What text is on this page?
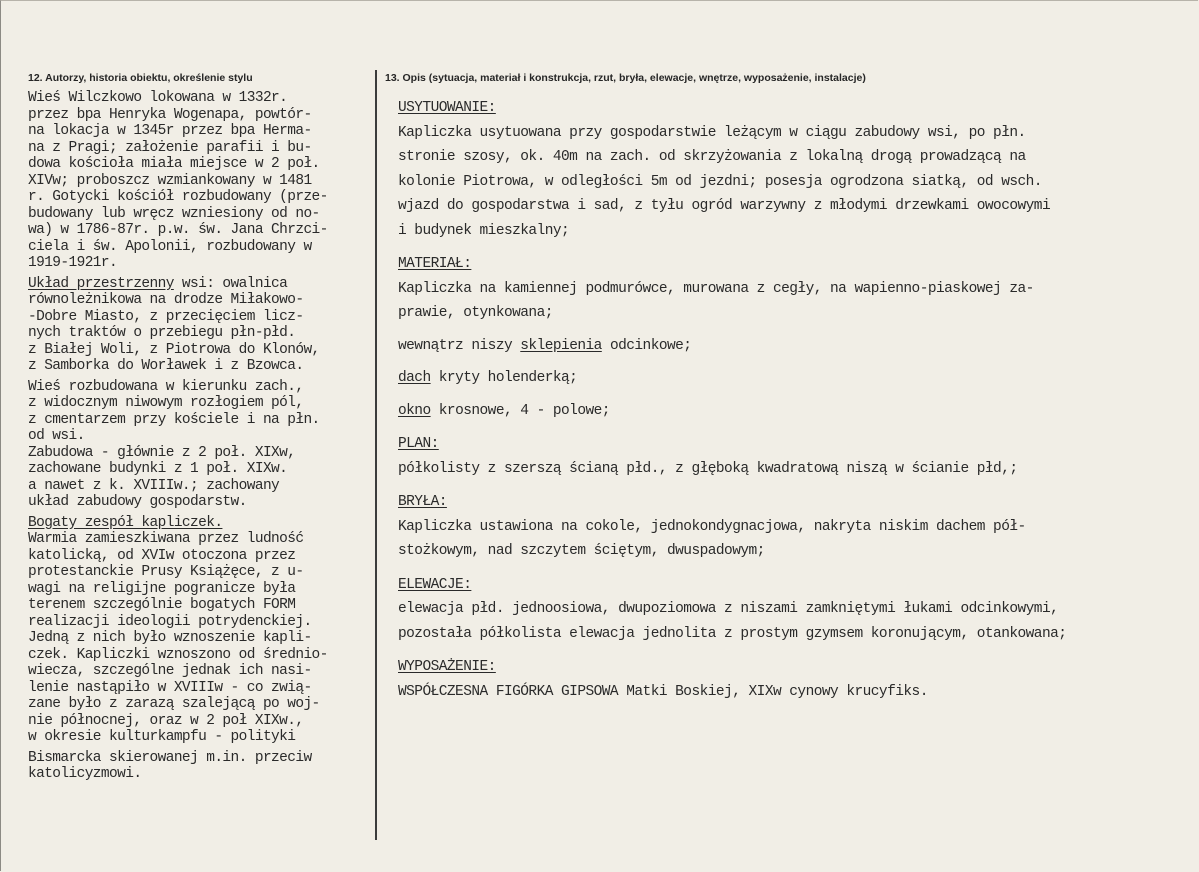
12. Autorzy, historia obiektu, określenie stylu	13. Opis (sytuacja, materiał i konstrukcja, rzut, bryła, elewacje, wnętrze, wyposażenie, instalacje)
Wieś Wilczkowo lokowana w 1332r.
przez bpa Henryka Wogenapa, powtór-
na lokacja w 1345r przez bpa Herma-
na z Pragi; założenie parafii i bu-
dowa kościoła miała miejsce w 2 poł.
XIVw; proboszcz wzmiankowany w 1481
r. Gotycki kościół rozbudowany (prze-
budowany lub wręcz wzniesiony od no-
wa) w 1786-87r. p.w. św. Jana Chrzci-
ciela i św. Apolonii, rozbudowany w
1919-1921r.
Układ przestrzenny wsi: owalnica
równoleżnikowa na drodze Miłakowo-
-Dobre Miasto, z przecięciem licz-
nych traktów o przebiegu płn-płd.
z Białej Woli, z Piotrowa do Klonów,
z Samborka do Worławek i z Bzowca.
Wieś rozbudowana w kierunku zach.,
z widocznym niwowym rozłogiem pól,
z cmentarzem przy kościele i na płn.
od wsi.
Zabudowa - głównie z 2 poł. XIXw,
zachowane budynki z 1 poł. XIXw.
a nawet z k. XVIIIw.; zachowany
układ zabudowy gospodarstw.
Bogaty zespół kapliczek.
Warmia zamieszkiwana przez ludność
katolicką, od XVIw otoczona przez
protestanckie Prusy Książęce, z u-
wagi na religijne pogranicze była
terenem szczególnie bogatych FORM
realizacji ideologii potrydenckiej.
Jedną z nich było wznoszenie kapli-
czek. Kapliczki wznoszono od średnio-
wiecza, szczególne jednak ich nasi-
lenie nastąpiło w XVIIIw - co zwią-
zane było z zarazą szalejącą po woj-
nie północnej, oraz w 2 poł XIXw.,
w okresie kulturkampfu - polityki
Bismarcka skierowanej m.in. przeciw
katolicyzmowi.
USYTUOWANIE:
Kapliczka usytuowana przy gospodarstwie leżącym w ciągu zabudowy wsi, po płn.
stronie szosy, ok. 40m na zach. od skrzyżowania z lokalną drogą prowadzącą na
kolonie Piotrowa, w odległości 5m od jezdni; posesja ogrodzona siatką, od wsch.
wjazd do gospodarstwa i sad, z tyłu ogród warzywny z młodymi drzewkami owocowymi
i budynek mieszkalny;
MATERIAŁ:
Kapliczka na kamiennej podmurówce, murowana z cegły, na wapienno-piaskowej za-
prawie, otynkowana;
wewnątrz niszy sklepienia odcinkowe;
dach kryty holenderką;
okno krosnowe, 4 - polowe;
PLAN:
półkolisty z szerszą ścianą płd., z głęboką kwadratową niszą w ścianie płd,;
BRYŁA:
Kapliczka ustawiona na cokole, jednokondygnacjowa, nakryta niskim dachem pół-
stożkowym, nad szczytem ściętym, dwuspadowym;
ELEWACJE:
elewacja płd. jednoosiowa, dwupoziomowa z niszami zamkniętymi łukami odcinkowymi,
pozostała półkolista elewacja jednolita z prostym gzymsem koronującym, otankowana;
WYPOSAŻENIE:
WSPÓŁCZESNA FIGÓRKA GIPSOWA Matki Boskiej, XIXw cynowy krucyfiks.
